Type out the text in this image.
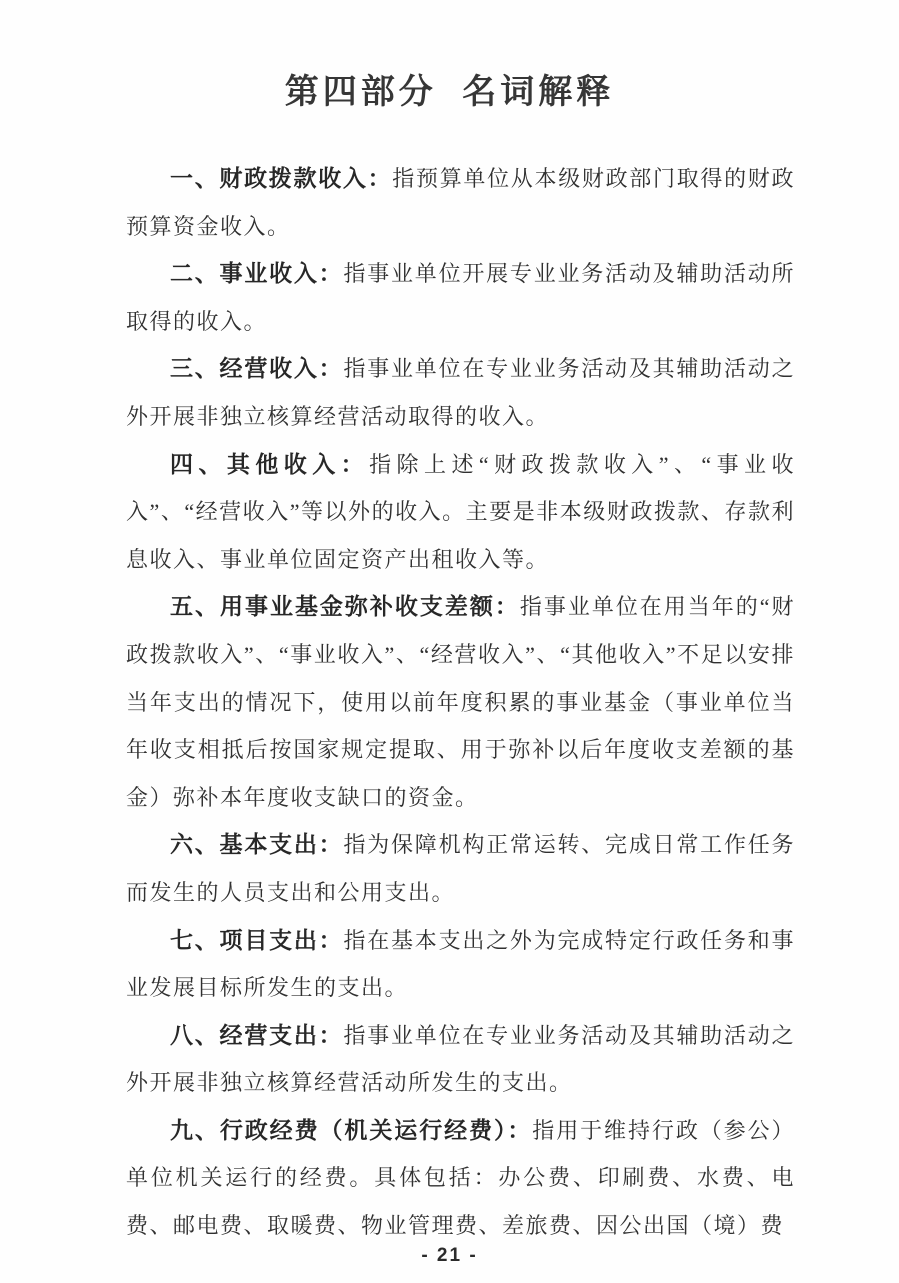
第四部分 名词解释

一、财政拨款收入：指预算单位从本级财政部门取得的财政预算资金收入。

二、事业收入：指事业单位开展专业业务活动及辅助活动所取得的收入。

三、经营收入：指事业单位在专业业务活动及其辅助活动之外开展非独立核算经营活动取得的收入。

四、其他收入：指除上述“财政拨款收入”、“事业收入”、“经营收入”等以外的收入。主要是非本级财政拨款、存款利息收入、事业单位固定资产出租收入等。

五、用事业基金弥补收支差额：指事业单位在用当年的“财政拨款收入”、“事业收入”、“经营收入”、“其他收入”不足以安排当年支出的情况下，使用以前年度积累的事业基金（事业单位当年收支相抵后按国家规定提取、用于弥补以后年度收支差额的基金）弥补本年度收支缺口的资金。

六、基本支出：指为保障机构正常运转、完成日常工作任务而发生的人员支出和公用支出。

七、项目支出：指在基本支出之外为完成特定行政任务和事业发展目标所发生的支出。

八、经营支出：指事业单位在专业业务活动及其辅助活动之外开展非独立核算经营活动所发生的支出。

九、行政经费（机关运行经费）：指用于维持行政（参公）单位机关运行的经费。具体包括：办公费、印刷费、水费、电费、邮电费、取暖费、物业管理费、差旅费、因公出国（境）费

- 21 -
